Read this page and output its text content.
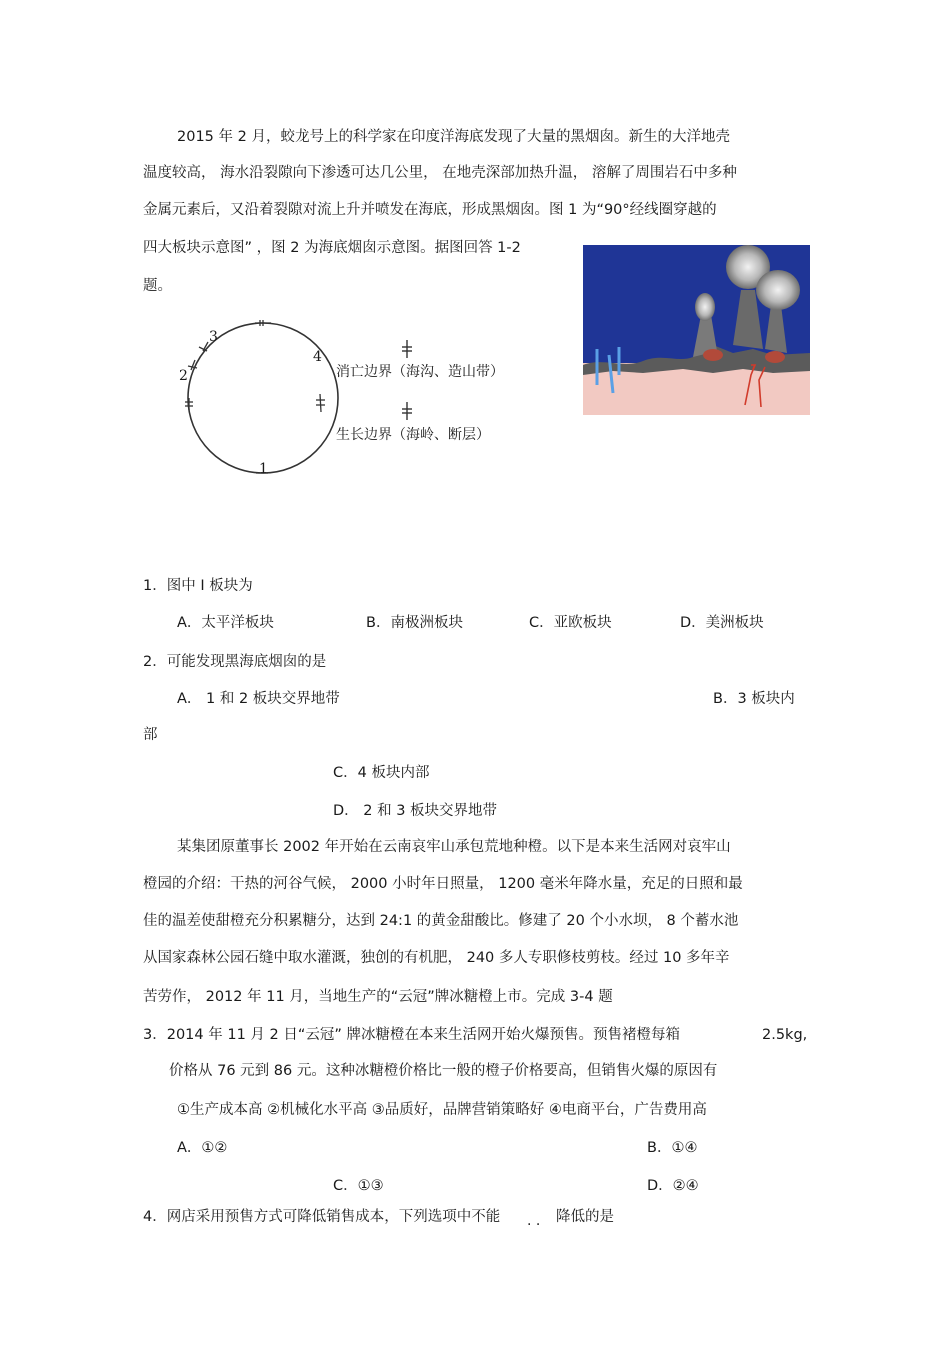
2015 年 2 月，蛟龙号上的科学家在印度洋海底发现了大量的黑烟囱。新生的大洋地壳
温度较高， 海水沿裂隙向下渗透可达几公里， 在地壳深部加热升温， 溶解了周围岩石中多种
金属元素后，又沿着裂隙对流上升并喷发在海底，形成黑烟囱。图 1 为“90°经线圈穿越的
四大板块示意图” ，图 2 为海底烟囱示意图。据图回答 1-2
题。
3
2
4
1
消亡边界（海沟、造山带）
生长边界（海岭、断层）
1．图中 I 板块为
A．太平洋板块	B．南极洲板块	C．亚欧板块	D．美洲板块
2．可能发现黑海底烟囱的是
A． 1 和 2 板块交界地带	B．3 板块内
部
C．4 板块内部
D． 2 和 3 板块交界地带
某集团原董事长 2002 年开始在云南哀牢山承包荒地种橙。以下是本来生活网对哀牢山
橙园的介绍：干热的河谷气候， 2000 小时年日照量， 1200 毫米年降水量，充足的日照和最
佳的温差使甜橙充分积累糖分，达到 24:1 的黄金甜酸比。修建了 20 个小水坝， 8 个蓄水池
从国家森林公园石缝中取水灌溉，独创的有机肥， 240 多人专职修枝剪枝。经过 10 多年辛
苦劳作， 2012 年 11 月，当地生产的“云冠”牌冰糖橙上市。完成 3-4 题
3．2014 年 11 月 2 日“云冠” 牌冰糖橙在本来生活网开始火爆预售。预售褚橙每箱	2.5kg,
价格从 76 元到 86 元。这种冰糖橙价格比一般的橙子价格要高，但销售火爆的原因有
①生产成本高 ②机械化水平高 ③品质好，品牌营销策略好 ④电商平台，广告费用高
A．①②	B．①④
C．①③	D．②④
4．网店采用预售方式可降低销售成本，下列选项中不能 . . 降低的是
